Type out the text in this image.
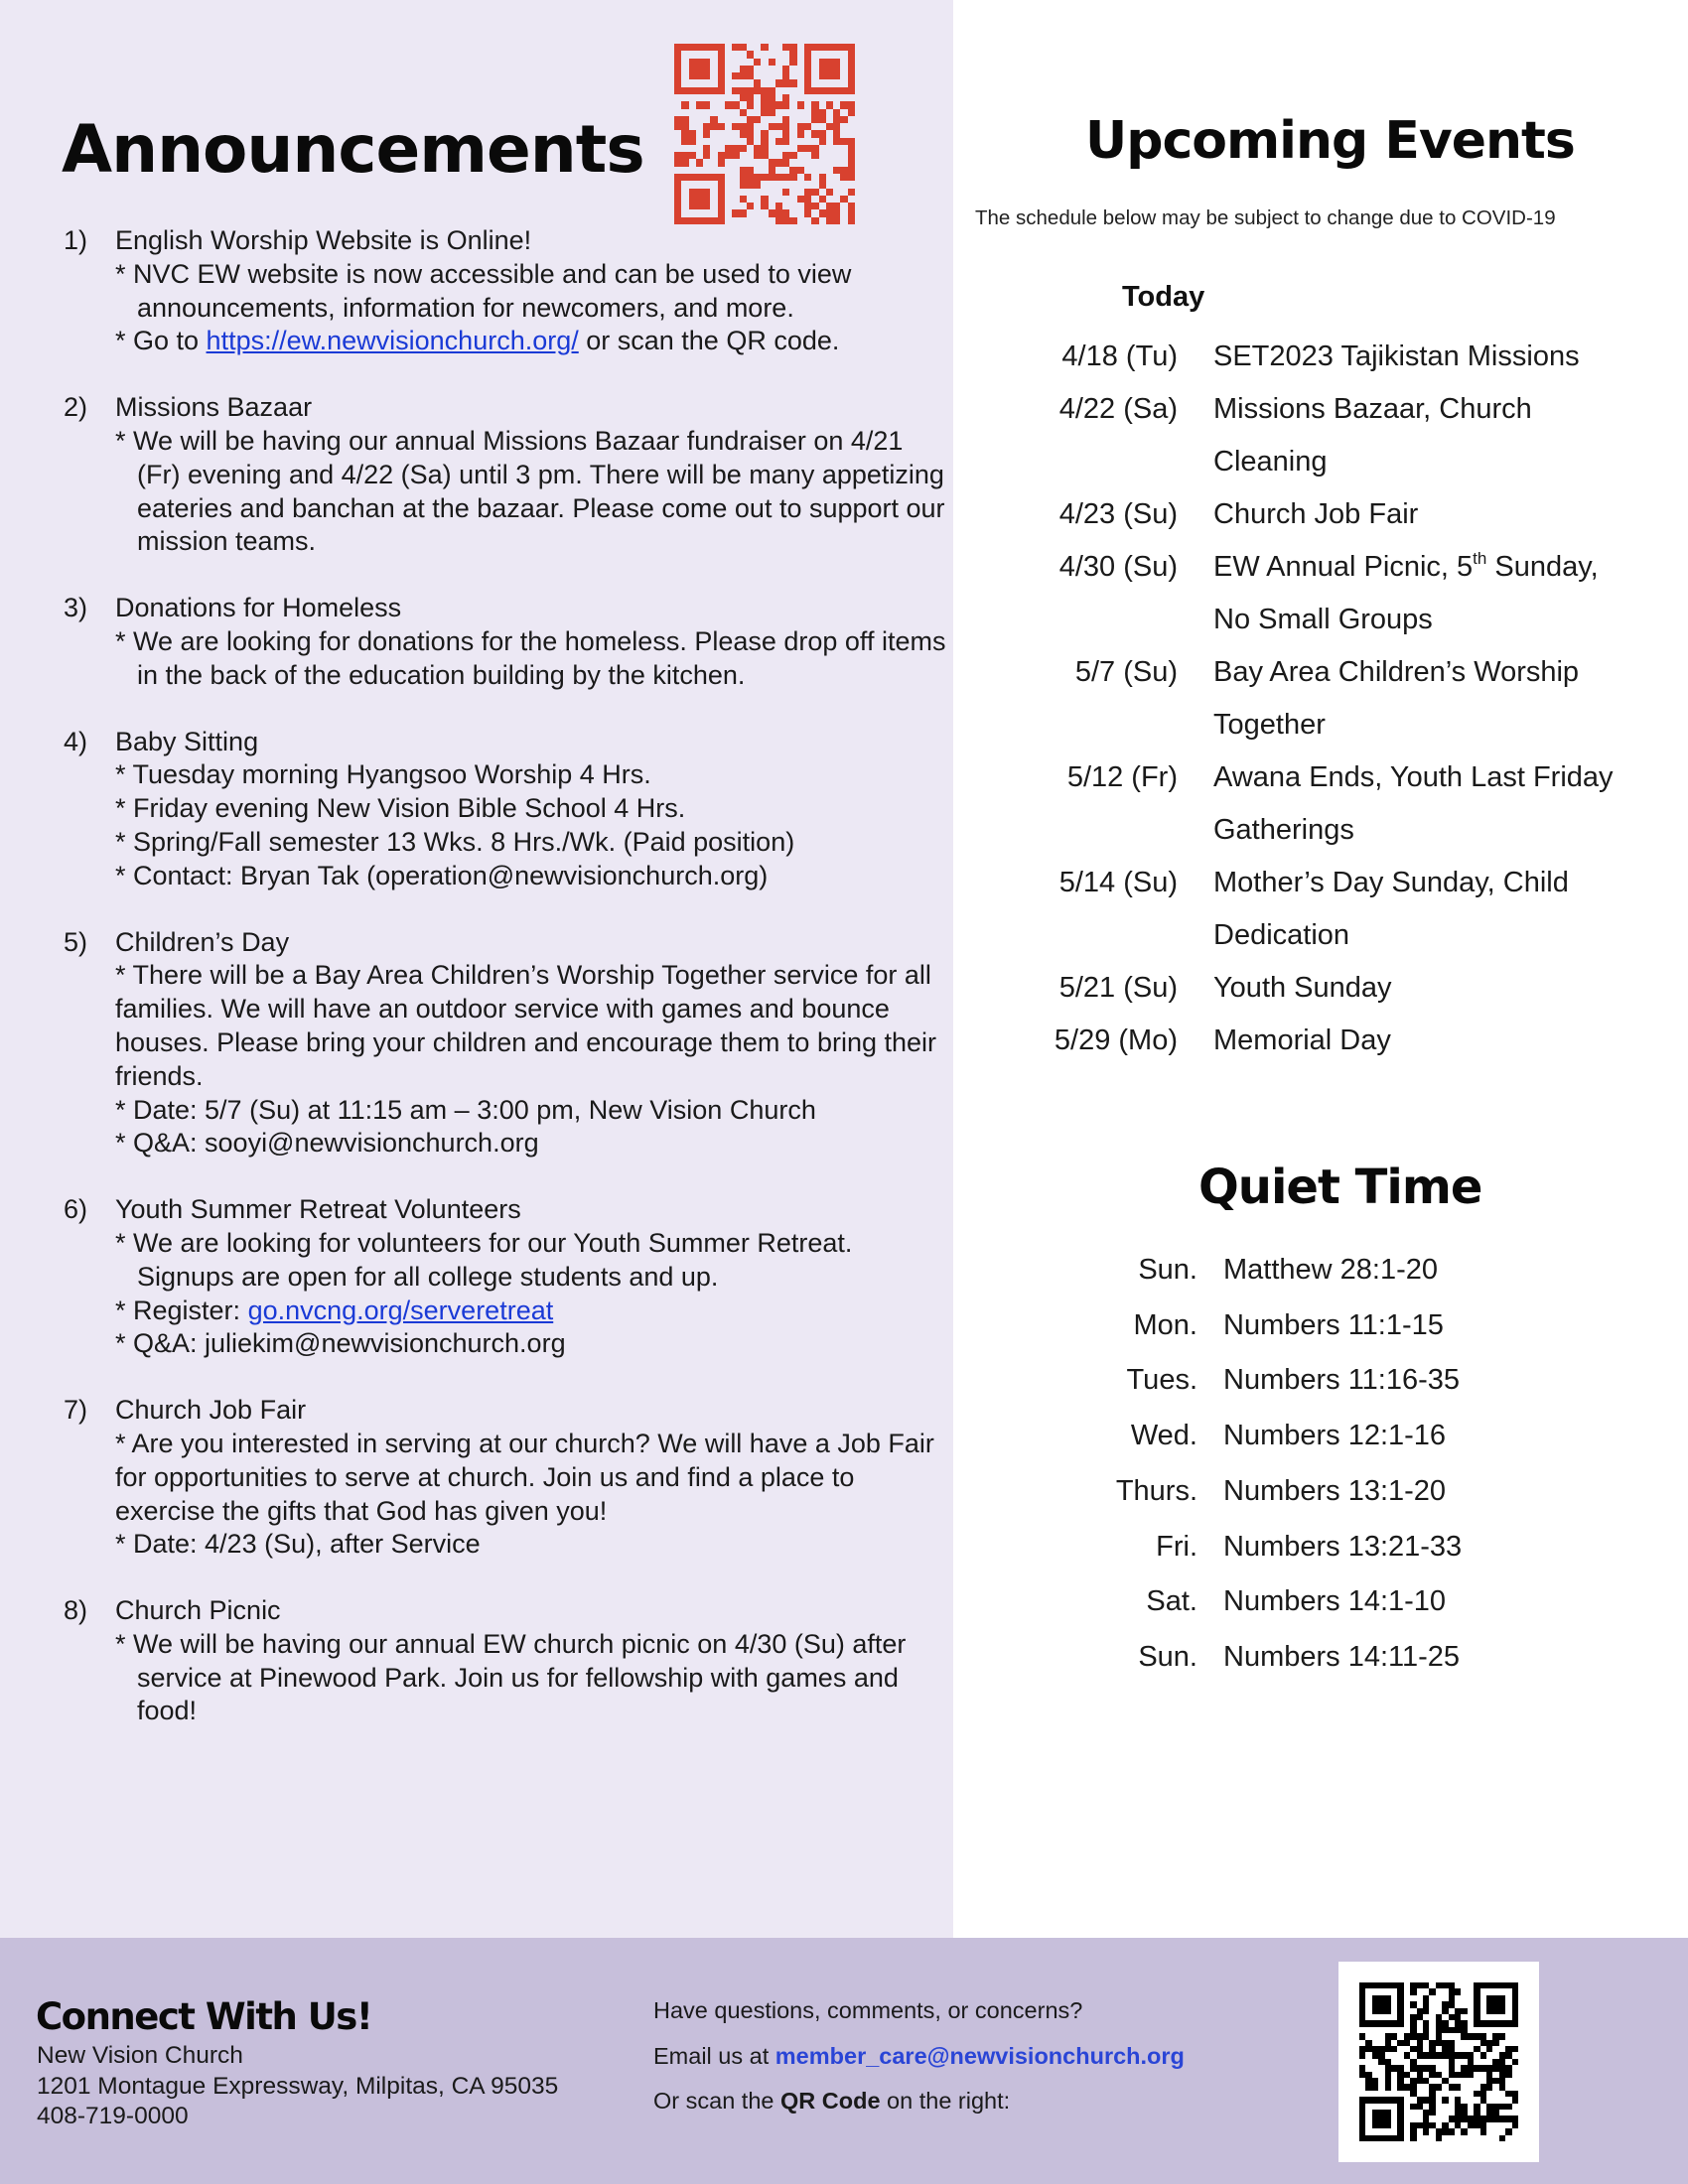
Announcements
1)	English Worship Website is Online!
* NVC EW website is now accessible and can be used to view announcements, information for newcomers, and more.
* Go to https://ew.newvisionchurch.org/ or scan the QR code.
2)	Missions Bazaar
* We will be having our annual Missions Bazaar fundraiser on 4/21 (Fr) evening and 4/22 (Sa) until 3 pm. There will be many appetizing eateries and banchan at the bazaar. Please come out to support our mission teams.
3)	Donations for Homeless
* We are looking for donations for the homeless. Please drop off items in the back of the education building by the kitchen.
4)	Baby Sitting
* Tuesday morning Hyangsoo Worship 4 Hrs.
* Friday evening New Vision Bible School 4 Hrs.
* Spring/Fall semester 13 Wks. 8 Hrs./Wk. (Paid position)
* Contact: Bryan Tak (operation@newvisionchurch.org)
5)	Children’s Day
* There will be a Bay Area Children’s Worship Together service for all families. We will have an outdoor service with games and bounce houses. Please bring your children and encourage them to bring their friends.
* Date: 5/7 (Su) at 11:15 am – 3:00 pm, New Vision Church
* Q&A: sooyi@newvisionchurch.org
6)	Youth Summer Retreat Volunteers
* We are looking for volunteers for our Youth Summer Retreat. Signups are open for all college students and up.
* Register: go.nvcng.org/serveretreat
* Q&A: juliekim@newvisionchurch.org
7)	Church Job Fair
* Are you interested in serving at our church? We will have a Job Fair for opportunities to serve at church. Join us and find a place to exercise the gifts that God has given you!
* Date: 4/23 (Su), after Service
8)	Church Picnic
* We will be having our annual EW church picnic on 4/30 (Su) after service at Pinewood Park. Join us for fellowship with games and food!
Upcoming Events
The schedule below may be subject to change due to COVID-19
Today
4/18 (Tu)	SET2023 Tajikistan Missions
4/22 (Sa)	Missions Bazaar, Church Cleaning
4/23 (Su)	Church Job Fair
4/30 (Su)	EW Annual Picnic, 5th Sunday, No Small Groups
5/7 (Su)	Bay Area Children’s Worship Together
5/12 (Fr)	Awana Ends, Youth Last Friday Gatherings
5/14 (Su)	Mother’s Day Sunday, Child Dedication
5/21 (Su)	Youth Sunday
5/29 (Mo)	Memorial Day
Quiet Time
Sun. Matthew 28:1-20
Mon. Numbers 11:1-15
Tues. Numbers 11:16-35
Wed. Numbers 12:1-16
Thurs. Numbers 13:1-20
Fri. Numbers 13:21-33
Sat. Numbers 14:1-10
Sun. Numbers 14:11-25
Connect With Us!
New Vision Church
1201 Montague Expressway, Milpitas, CA 95035
408-719-0000
Have questions, comments, or concerns?
Email us at member_care@newvisionchurch.org
Or scan the QR Code on the right:
